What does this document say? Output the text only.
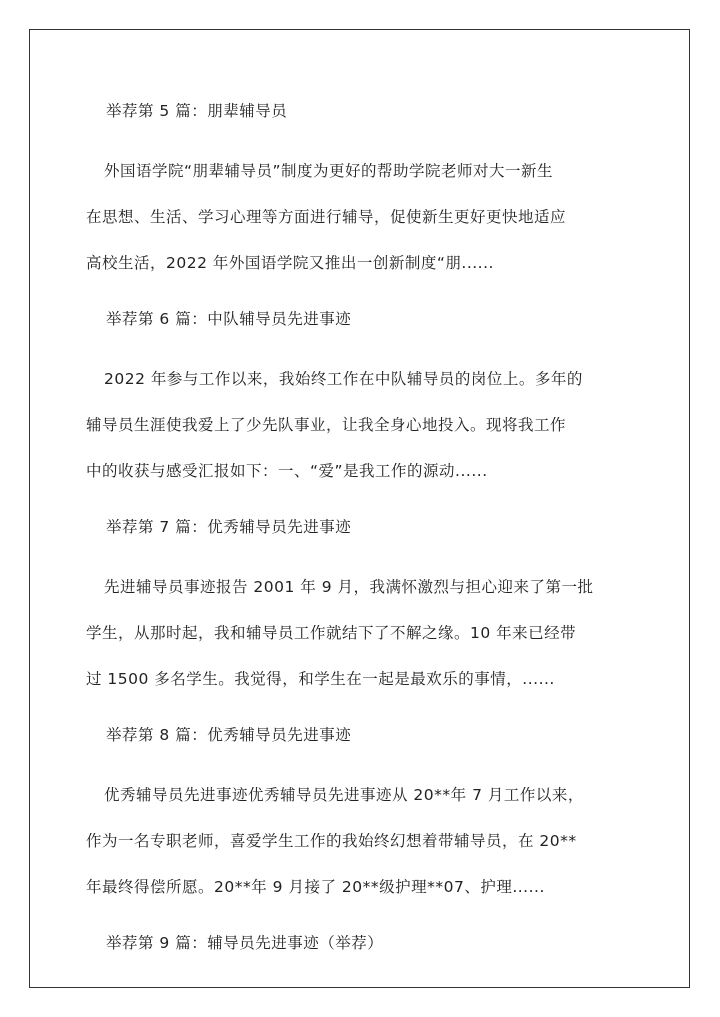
举荐第 5 篇：朋辈辅导员
外国语学院“朋辈辅导员”制度为更好的帮助学院老师对大一新生
在思想、生活、学习心理等方面进行辅导，促使新生更好更快地适应
高校生活，2022 年外国语学院又推出一创新制度“朋......
举荐第 6 篇：中队辅导员先进事迹
2022 年参与工作以来，我始终工作在中队辅导员的岗位上。多年的
辅导员生涯使我爱上了少先队事业，让我全身心地投入。现将我工作
中的收获与感受汇报如下：一、“爱”是我工作的源动......
举荐第 7 篇：优秀辅导员先进事迹
先进辅导员事迹报告 2001 年 9 月，我满怀激烈与担心迎来了第一批
学生，从那时起，我和辅导员工作就结下了不解之缘。10 年来已经带
过 1500 多名学生。我觉得，和学生在一起是最欢乐的事情，......
举荐第 8 篇：优秀辅导员先进事迹
优秀辅导员先进事迹优秀辅导员先进事迹从 20**年 7 月工作以来，
作为一名专职老师，喜爱学生工作的我始终幻想着带辅导员，在 20**
年最终得偿所愿。20**年 9 月接了 20**级护理**07、护理......
举荐第 9 篇：辅导员先进事迹（举荐）
